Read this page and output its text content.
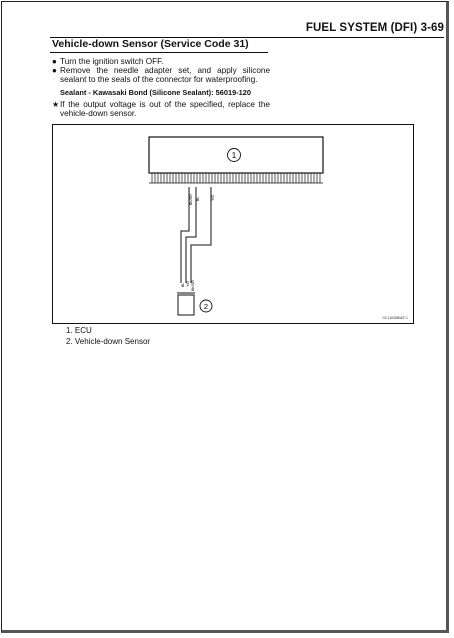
FUEL SYSTEM (DFI) 3-69
Vehicle-down Sensor (Service Code 31)
● Turn the ignition switch OFF.
● Remove the needle adapter set, and apply silicone sealant to the seals of the connector for waterproofing.
Sealant - Kawasaki Bond (Silicone Sealant): 56019-120
★ If the output voltage is out of the specified, replace the vehicle-down sensor.
1
BK/OR BL	Y/G
BL Y/G BK/OR
2
GC11635BW2 C
1. ECU
2. Vehicle-down Sensor
